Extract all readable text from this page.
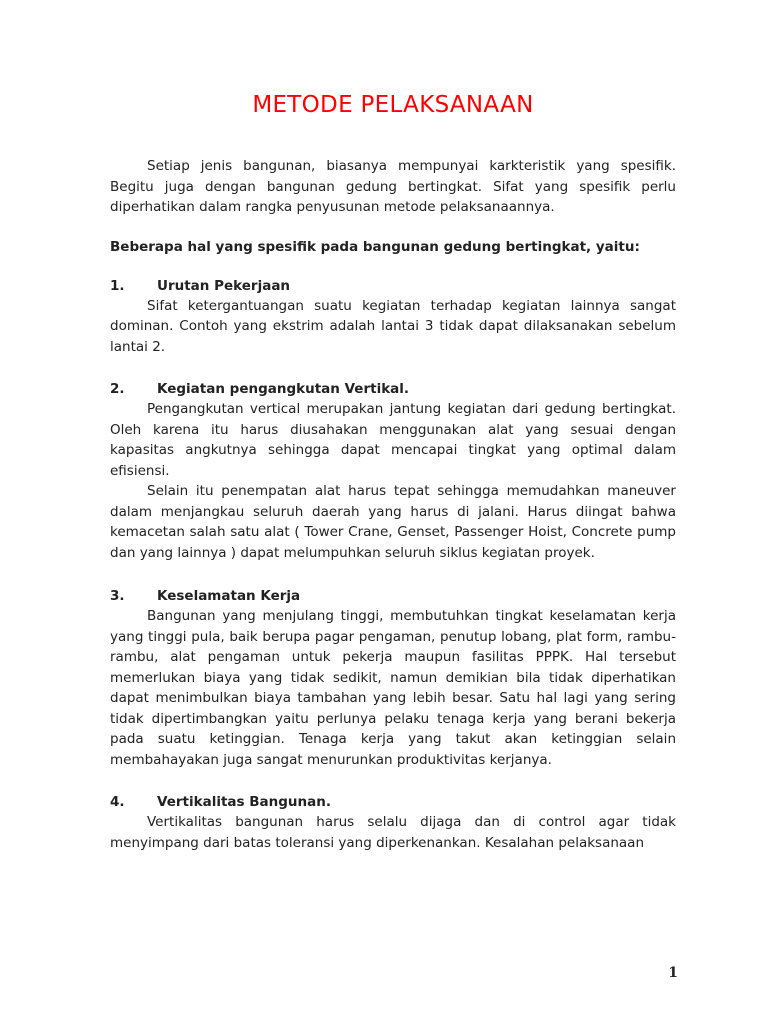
METODE PELAKSANAAN

Setiap jenis bangunan, biasanya mempunyai karkteristik yang spesifik. Begitu juga dengan bangunan gedung bertingkat. Sifat yang spesifik perlu diperhatikan dalam rangka penyusunan metode pelaksanaannya.

Beberapa hal yang spesifik pada bangunan gedung bertingkat, yaitu:

1.	Urutan Pekerjaan

Sifat ketergantuangan suatu kegiatan terhadap kegiatan lainnya sangat dominan. Contoh yang ekstrim adalah lantai 3 tidak dapat dilaksanakan sebelum lantai 2.

2.	Kegiatan pengangkutan Vertikal.

Pengangkutan vertical merupakan jantung kegiatan dari gedung bertingkat. Oleh karena itu harus diusahakan menggunakan alat yang sesuai dengan kapasitas angkutnya sehingga dapat mencapai tingkat yang optimal dalam efisiensi.

Selain itu penempatan alat harus tepat sehingga memudahkan maneuver dalam menjangkau seluruh daerah yang harus di jalani. Harus diingat bahwa kemacetan salah satu alat ( Tower Crane, Genset, Passenger Hoist, Concrete pump dan yang lainnya ) dapat melumpuhkan seluruh siklus kegiatan proyek.

3.	Keselamatan Kerja

Bangunan yang menjulang tinggi, membutuhkan tingkat keselamatan kerja yang tinggi pula, baik berupa pagar pengaman, penutup lobang, plat form, rambu-rambu, alat pengaman untuk pekerja maupun fasilitas PPPK. Hal tersebut memerlukan biaya yang tidak sedikit, namun demikian bila tidak diperhatikan dapat menimbulkan biaya tambahan yang lebih besar. Satu hal lagi yang sering tidak dipertimbangkan yaitu perlunya pelaku tenaga kerja yang berani bekerja pada suatu ketinggian. Tenaga kerja yang takut akan ketinggian selain membahayakan juga sangat menurunkan produktivitas kerjanya.

4.	Vertikalitas Bangunan.

Vertikalitas bangunan harus selalu dijaga dan di control agar tidak menyimpang dari batas toleransi yang diperkenankan. Kesalahan pelaksanaan

1
